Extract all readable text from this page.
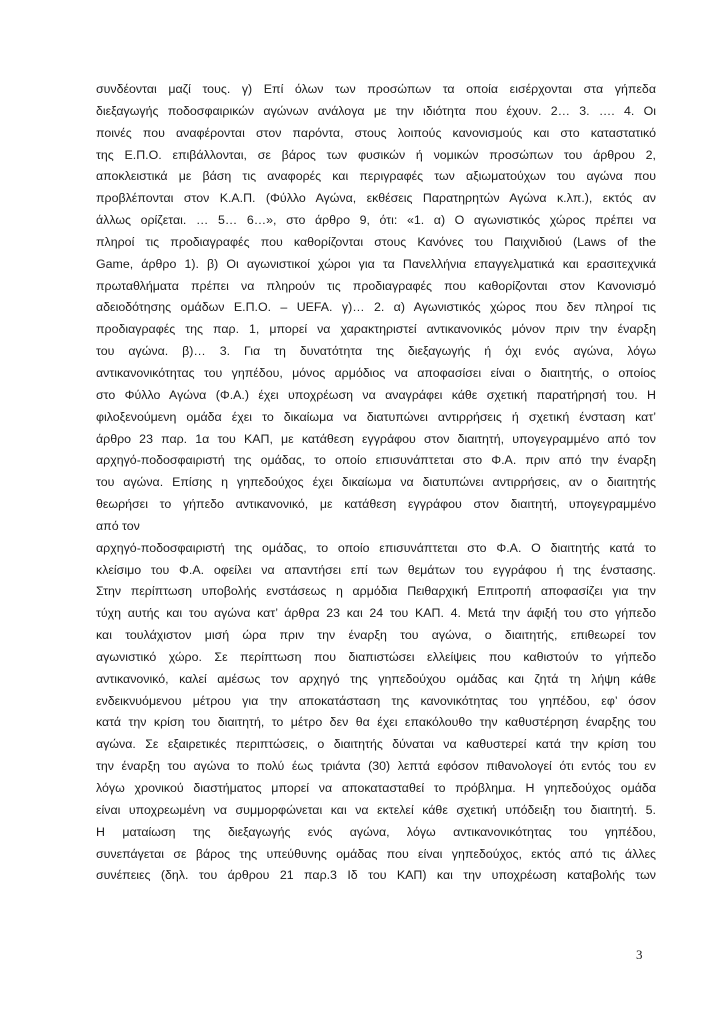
συνδέονται μαζί τους. γ) Επί όλων των προσώπων τα οποία εισέρχονται στα γήπεδα
διεξαγωγής ποδοσφαιρικών αγώνων ανάλογα με την ιδιότητα που έχουν. 2… 3. …. 4. Οι
ποινές που αναφέρονται στον παρόντα, στους λοιπούς κανονισμούς και στο καταστατικό
της Ε.Π.Ο. επιβάλλονται, σε βάρος των φυσικών ή νομικών προσώπων του άρθρου 2,
αποκλειστικά με βάση τις αναφορές και περιγραφές των αξιωματούχων του αγώνα που
προβλέπονται στον Κ.Α.Π. (Φύλλο Αγώνα, εκθέσεις Παρατηρητών Αγώνα κ.λπ.), εκτός αν
άλλως ορίζεται. … 5… 6…», στο άρθρο 9, ότι: «1. α) Ο αγωνιστικός χώρος πρέπει να
πληροί τις προδιαγραφές που καθορίζονται στους Κανόνες του Παιχνιδιού (Laws of the
Game, άρθρο 1). β) Οι αγωνιστικοί χώροι για τα Πανελλήνια επαγγελματικά και ερασιτεχνικά
πρωταθλήματα πρέπει να πληρούν τις προδιαγραφές που καθορίζονται στον Κανονισμό
αδειοδότησης ομάδων Ε.Π.Ο. – UEFA. γ)… 2. α) Αγωνιστικός χώρος που δεν πληροί τις
προδιαγραφές της παρ. 1, μπορεί να χαρακτηριστεί αντικανονικός μόνον πριν την έναρξη
του αγώνα. β)… 3. Για τη δυνατότητα της διεξαγωγής ή όχι ενός αγώνα, λόγω
αντικανονικότητας του γηπέδου, μόνος αρμόδιος να αποφασίσει είναι ο διαιτητής, ο οποίος
στο Φύλλο Αγώνα (Φ.Α.) έχει υποχρέωση να αναγράφει κάθε σχετική παρατήρησή του. Η
φιλοξενούμενη ομάδα έχει το δικαίωμα να διατυπώνει αντιρρήσεις ή σχετική ένσταση κατ’
άρθρο 23 παρ. 1α του ΚΑΠ, με κατάθεση εγγράφου στον διαιτητή, υπογεγραμμένο από τον
αρχηγό-ποδοσφαιριστή της ομάδας, το οποίο επισυνάπτεται στο Φ.Α. πριν από την έναρξη
του αγώνα. Επίσης η γηπεδούχος έχει δικαίωμα να διατυπώνει αντιρρήσεις, αν ο διαιτητής
θεωρήσει το γήπεδο αντικανονικό, με κατάθεση εγγράφου στον διαιτητή, υπογεγραμμένο
από τον
αρχηγό-ποδοσφαιριστή της ομάδας, το οποίο επισυνάπτεται στο Φ.Α. Ο διαιτητής κατά το
κλείσιμο του Φ.Α. οφείλει να απαντήσει επί των θεμάτων του εγγράφου ή της ένστασης.
Στην περίπτωση υποβολής ενστάσεως η αρμόδια Πειθαρχική Επιτροπή αποφασίζει για την
τύχη αυτής και του αγώνα κατ’ άρθρα 23 και 24 του ΚΑΠ. 4. Μετά την άφιξή του στο γήπεδο
και τουλάχιστον μισή ώρα πριν την έναρξη του αγώνα, ο διαιτητής, επιθεωρεί τον
αγωνιστικό χώρο. Σε περίπτωση που διαπιστώσει ελλείψεις που καθιστούν το γήπεδο
αντικανονικό, καλεί αμέσως τον αρχηγό της γηπεδούχου ομάδας και ζητά τη λήψη κάθε
ενδεικνυόμενου μέτρου για την αποκατάσταση της κανονικότητας του γηπέδου, εφ’ όσον
κατά την κρίση του διαιτητή, το μέτρο δεν θα έχει επακόλουθο την καθυστέρηση έναρξης του
αγώνα. Σε εξαιρετικές περιπτώσεις, ο διαιτητής δύναται να καθυστερεί κατά την κρίση του
την έναρξη του αγώνα το πολύ έως τριάντα (30) λεπτά εφόσον πιθανολογεί ότι εντός του εν
λόγω χρονικού διαστήματος μπορεί να αποκατασταθεί το πρόβλημα. Η γηπεδούχος ομάδα
είναι υποχρεωμένη να συμμορφώνεται και να εκτελεί κάθε σχετική υπόδειξη του διαιτητή. 5.
Η ματαίωση της διεξαγωγής ενός αγώνα, λόγω αντικανονικότητας του γηπέδου,
συνεπάγεται σε βάρος της υπεύθυνης ομάδας που είναι γηπεδούχος, εκτός από τις άλλες
συνέπειες (δηλ. του άρθρου 21 παρ.3 Ιδ του ΚΑΠ) και την υποχρέωση καταβολής των
3
